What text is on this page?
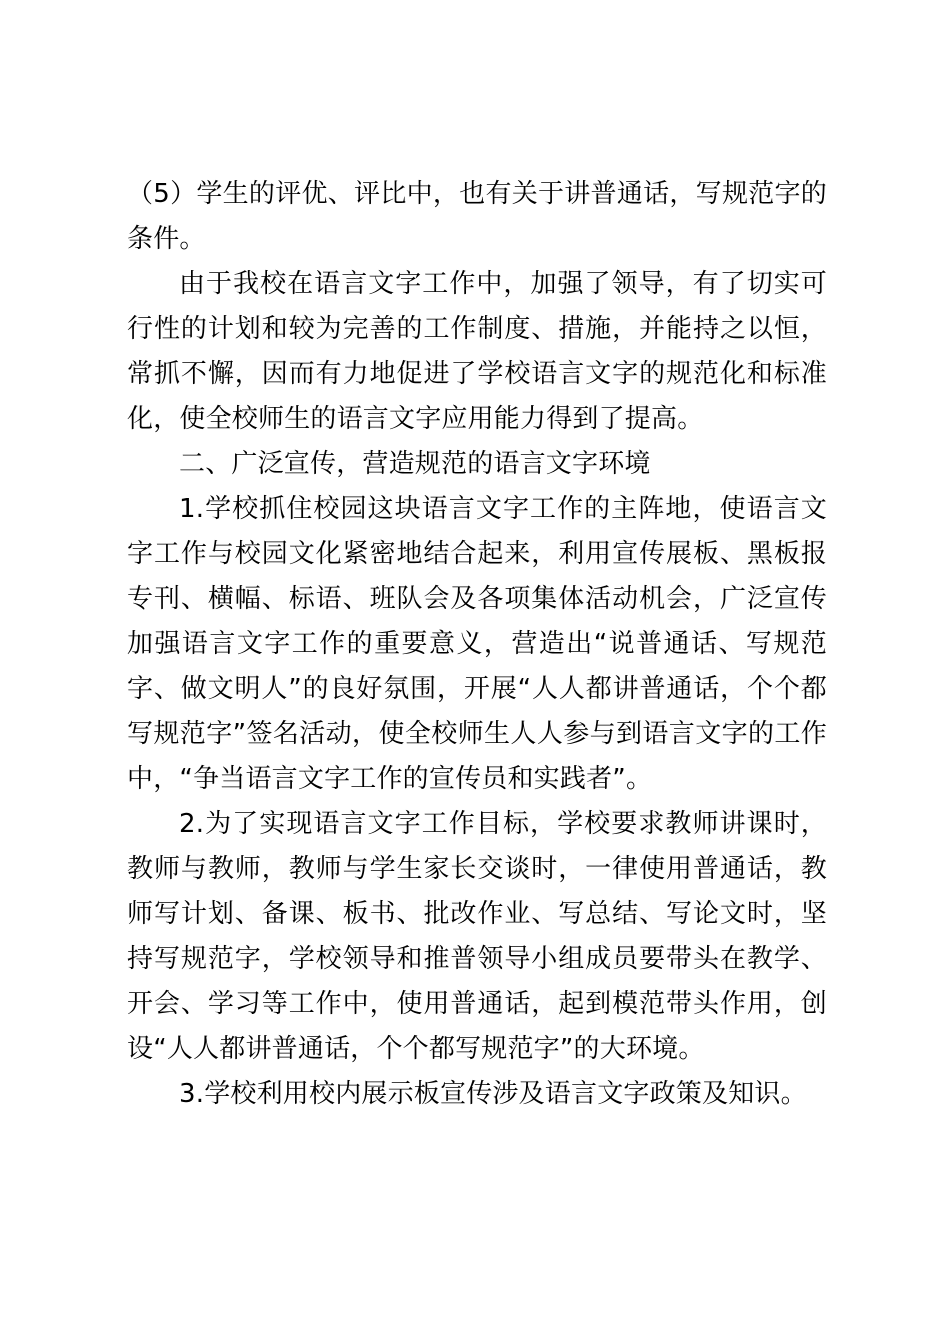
（5）学生的评优、评比中，也有关于讲普通话，写规范字的条件。

由于我校在语言文字工作中，加强了领导，有了切实可行性的计划和较为完善的工作制度、措施，并能持之以恒，常抓不懈，因而有力地促进了学校语言文字的规范化和标准化，使全校师生的语言文字应用能力得到了提高。

二、广泛宣传，营造规范的语言文字环境

1.学校抓住校园这块语言文字工作的主阵地，使语言文字工作与校园文化紧密地结合起来，利用宣传展板、黑板报专刊、横幅、标语、班队会及各项集体活动机会，广泛宣传加强语言文字工作的重要意义，营造出“说普通话、写规范字、做文明人”的良好氛围，开展“人人都讲普通话，个个都写规范字”签名活动，使全校师生人人参与到语言文字的工作中，“争当语言文字工作的宣传员和实践者”。

2.为了实现语言文字工作目标，学校要求教师讲课时，教师与教师，教师与学生家长交谈时，一律使用普通话，教师写计划、备课、板书、批改作业、写总结、写论文时，坚持写规范字，学校领导和推普领导小组成员要带头在教学、开会、学习等工作中，使用普通话，起到模范带头作用，创设“人人都讲普通话，个个都写规范字”的大环境。

3.学校利用校内展示板宣传涉及语言文字政策及知识。
